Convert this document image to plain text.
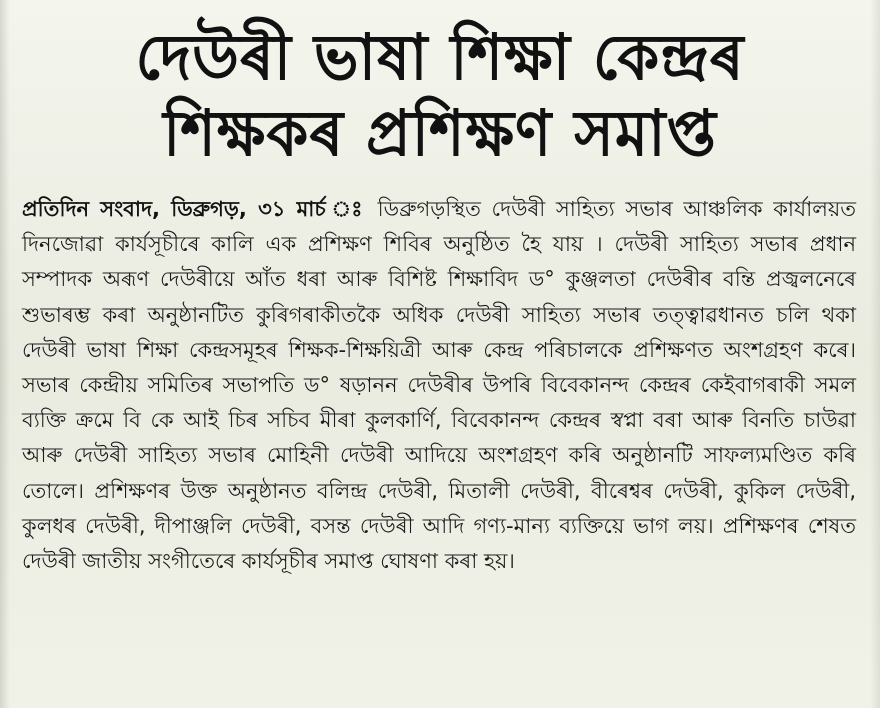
দেউৰী ভাষা শিক্ষা কেন্দ্ৰৰ
শিক্ষকৰ প্ৰশিক্ষণ সমাপ্ত
প্ৰতিদিন সংবাদ, ডিব্ৰুগড়, ৩১ মাৰ্চ ঃ ডিব্ৰুগড়স্থিত দেউৰী সাহিত্য সভাৰ আঞ্চলিক কাৰ্যালয়ত দিনজোৱা কাৰ্যসূচীৰে কালি এক প্ৰশিক্ষণ শিবিৰ অনুষ্ঠিত হৈ যায় । দেউৰী সাহিত্য সভাৰ প্ৰধান সম্পাদক অৰূণ দেউৰীয়ে আঁত ধৰা আৰু বিশিষ্ট শিক্ষাবিদ ড° কুঞ্জলতা দেউৰীৰ বন্তি প্ৰজ্বলনেৰে শুভাৰম্ভ কৰা অনুষ্ঠানটিত কুৰিগৰাকীতকৈ অধিক দেউৰী সাহিত্য সভাৰ তত্ত্বাৱধানত চলি থকা দেউৰী ভাষা শিক্ষা কেন্দ্ৰসমূহৰ শিক্ষক-শিক্ষয়িত্ৰী আৰু কেন্দ্ৰ পৰিচালকে প্ৰশিক্ষণত অংশগ্ৰহণ কৰে। সভাৰ কেন্দ্ৰীয় সমিতিৰ সভাপতি ড° ষড়ানন দেউৰীৰ উপৰি বিবেকানন্দ কেন্দ্ৰৰ কেইবাগৰাকী সমল ব্যক্তি ক্ৰমে বি কে আই চিৰ সচিব মীৰা কুলকাৰ্ণি, বিবেকানন্দ কেন্দ্ৰৰ স্বপ্না বৰা আৰু বিনতি চাউৱা আৰু দেউৰী সাহিত্য সভাৰ মোহিনী দেউৰী আদিয়ে অংশগ্ৰহণ কৰি অনুষ্ঠানটি সাফল্যমণ্ডিত কৰি তোলে। প্ৰশিক্ষণৰ উক্ত অনুষ্ঠানত বলিন্দ্ৰ দেউৰী, মিতালী দেউৰী, বীৰেশ্বৰ দেউৰী, কুকিল দেউৰী, কুলধৰ দেউৰী, দীপাঞ্জলি দেউৰী, বসন্ত দেউৰী আদি গণ্য-মান্য ব্যক্তিয়ে ভাগ লয়। প্ৰশিক্ষণৰ শেষত দেউৰী জাতীয় সংগীতেৰে কাৰ্যসূচীৰ সমাপ্ত ঘোষণা কৰা হয়।
